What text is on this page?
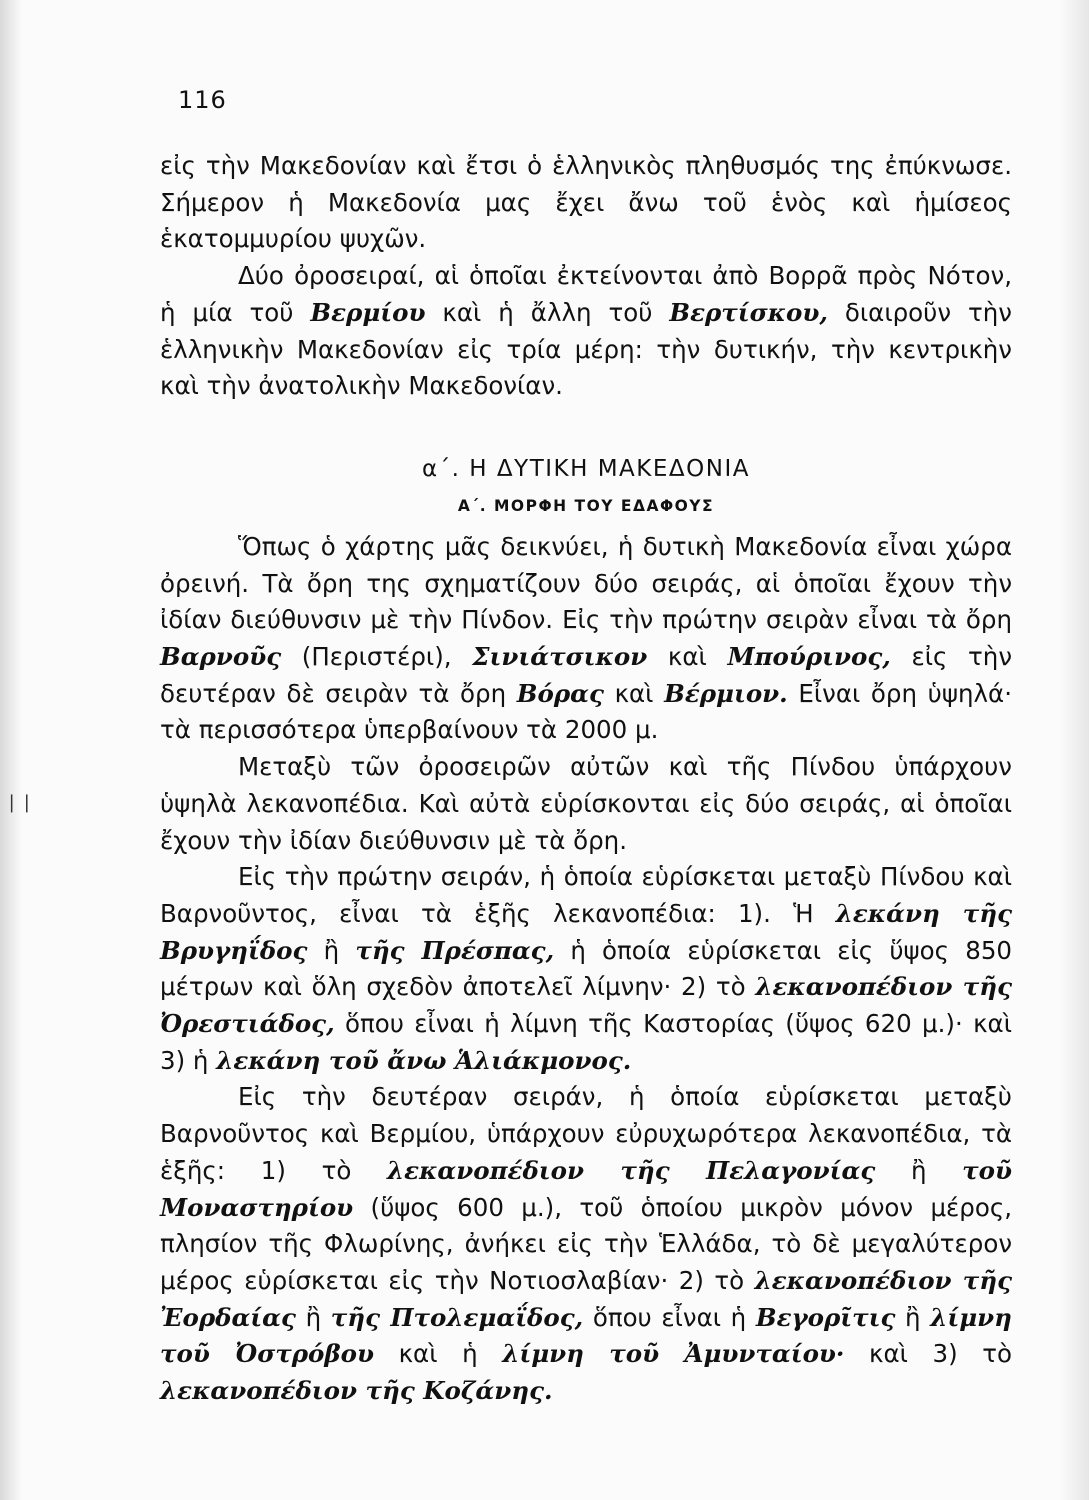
❘❘
116

εἰς τὴν Μακεδονίαν καὶ ἔτσι ὁ ἑλληνικὸς πληθυσμός της ἐπύκνωσε. Σήμερον ἡ Μακεδονία μας ἔχει ἄνω τοῦ ἑνὸς καὶ ἡμίσεος ἑκατομμυρίου ψυχῶν.

Δύο ὀροσειραί, αἱ ὁποῖαι ἐκτείνονται ἀπὸ Βορρᾶ πρὸς Νότον, ἡ μία τοῦ Βερμίου καὶ ἡ ἄλλη τοῦ Βερτίσκου, διαιροῦν τὴν ἑλληνικὴν Μακεδονίαν εἰς τρία μέρη: τὴν δυτικήν, τὴν κεντρικὴν καὶ τὴν ἀνατολικὴν Μακεδονίαν.

α΄. Η ΔΥΤΙΚΗ ΜΑΚΕΔΟΝΙΑ
Α΄. ΜΟΡΦΗ ΤΟΥ ΕΔΑΦΟΥΣ

Ὅπως ὁ χάρτης μᾶς δεικνύει, ἡ δυτικὴ Μακεδονία εἶναι χώρα ὀρεινή. Τὰ ὄρη της σχηματίζουν δύο σειράς, αἱ ὁποῖαι ἔχουν τὴν ἰδίαν διεύθυνσιν μὲ τὴν Πίνδον. Εἰς τὴν πρώτην σειρὰν εἶναι τὰ ὄρη Βαρνοῦς (Περιστέρι), Σινιάτσικον καὶ Μπούρινος, εἰς τὴν δευτέραν δὲ σειρὰν τὰ ὄρη Βόρας καὶ Βέρμιον. Εἶναι ὄρη ὑψηλά· τὰ περισσότερα ὑπερβαίνουν τὰ 2000 μ.

Μεταξὺ τῶν ὀροσειρῶν αὐτῶν καὶ τῆς Πίνδου ὑπάρχουν ὑψηλὰ λεκανοπέδια. Καὶ αὐτὰ εὑρίσκονται εἰς δύο σειράς, αἱ ὁποῖαι ἔχουν τὴν ἰδίαν διεύθυνσιν μὲ τὰ ὄρη.

Εἰς τὴν πρώτην σειράν, ἡ ὁποία εὑρίσκεται μεταξὺ Πίνδου καὶ Βαρνοῦντος, εἶναι τὰ ἑξῆς λεκανοπέδια: 1). Ἡ λεκάνη τῆς Βρυγηΐδος ἢ τῆς Πρέσπας, ἡ ὁποία εὑρίσκεται εἰς ὕψος 850 μέτρων καὶ ὅλη σχεδὸν ἀποτελεῖ λίμνην· 2) τὸ λεκανοπέδιον τῆς Ὀρεστιάδος, ὅπου εἶναι ἡ λίμνη τῆς Καστορίας (ὕψος 620 μ.)· καὶ 3) ἡ λεκάνη τοῦ ἄνω Ἁλιάκμονος.

Εἰς τὴν δευτέραν σειράν, ἡ ὁποία εὑρίσκεται μεταξὺ Βαρνοῦντος καὶ Βερμίου, ὑπάρχουν εὐρυχωρότερα λεκανοπέδια, τὰ ἑξῆς: 1) τὸ λεκανοπέδιον τῆς Πελαγονίας ἢ τοῦ Μοναστηρίου (ὕψος 600 μ.), τοῦ ὁποίου μικρὸν μόνον μέρος, πλησίον τῆς Φλωρίνης, ἀνήκει εἰς τὴν Ἑλλάδα, τὸ δὲ μεγαλύτερον μέρος εὑρίσκεται εἰς τὴν Νοτιοσλαβίαν· 2) τὸ λεκανοπέδιον τῆς Ἐορδαίας ἢ τῆς Πτολεμαΐδος, ὅπου εἶναι ἡ Βεγορῖτις ἢ λίμνη τοῦ Ὀστρόβου καὶ ἡ λίμνη τοῦ Ἀμυνταίου· καὶ 3) τὸ λεκανοπέδιον τῆς Κοζάνης.
